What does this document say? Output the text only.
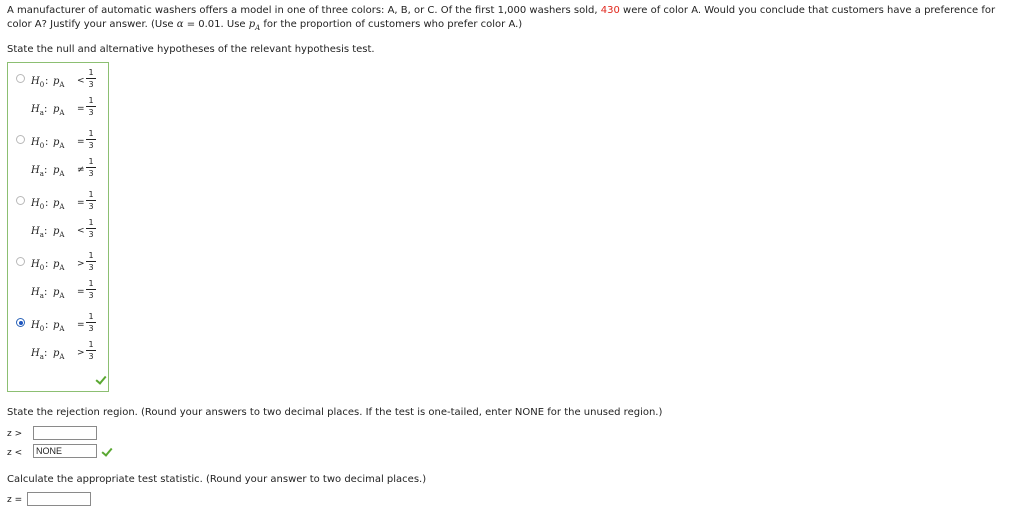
A manufacturer of automatic washers offers a model in one of three colors: A, B, or C. Of the first 1,000 washers sold, 430 were of color A. Would you conclude that customers have a preference for
color A? Justify your answer. (Use α = 0.01. Use $p_A$ for the proportion of customers who prefer color A.)
State the null and alternative hypotheses of the relevant hypothesis test.
$H_0$ : $p_A$ <
1
3
$H_a$ : $p_A$ =
1
3
$H_0$ : $p_A$ =
1
3
$H_a$ : $p_A$ ≠
1
3
$H_0$ : $p_A$ =
1
3
$H_a$ : $p_A$ <
1
3
$H_0$ : $p_A$ >
1
3
$H_a$ : $p_A$ =
1
3
$H_0$ : $p_A$ =
1
3
$H_a$ : $p_A$ >
1
3
State the rejection region. (Round your answers to two decimal places. If the test is one-tailed, enter NONE for the unused region.)
z >
z <	NONE
Calculate the appropriate test statistic. (Round your answer to two decimal places.)
z =
